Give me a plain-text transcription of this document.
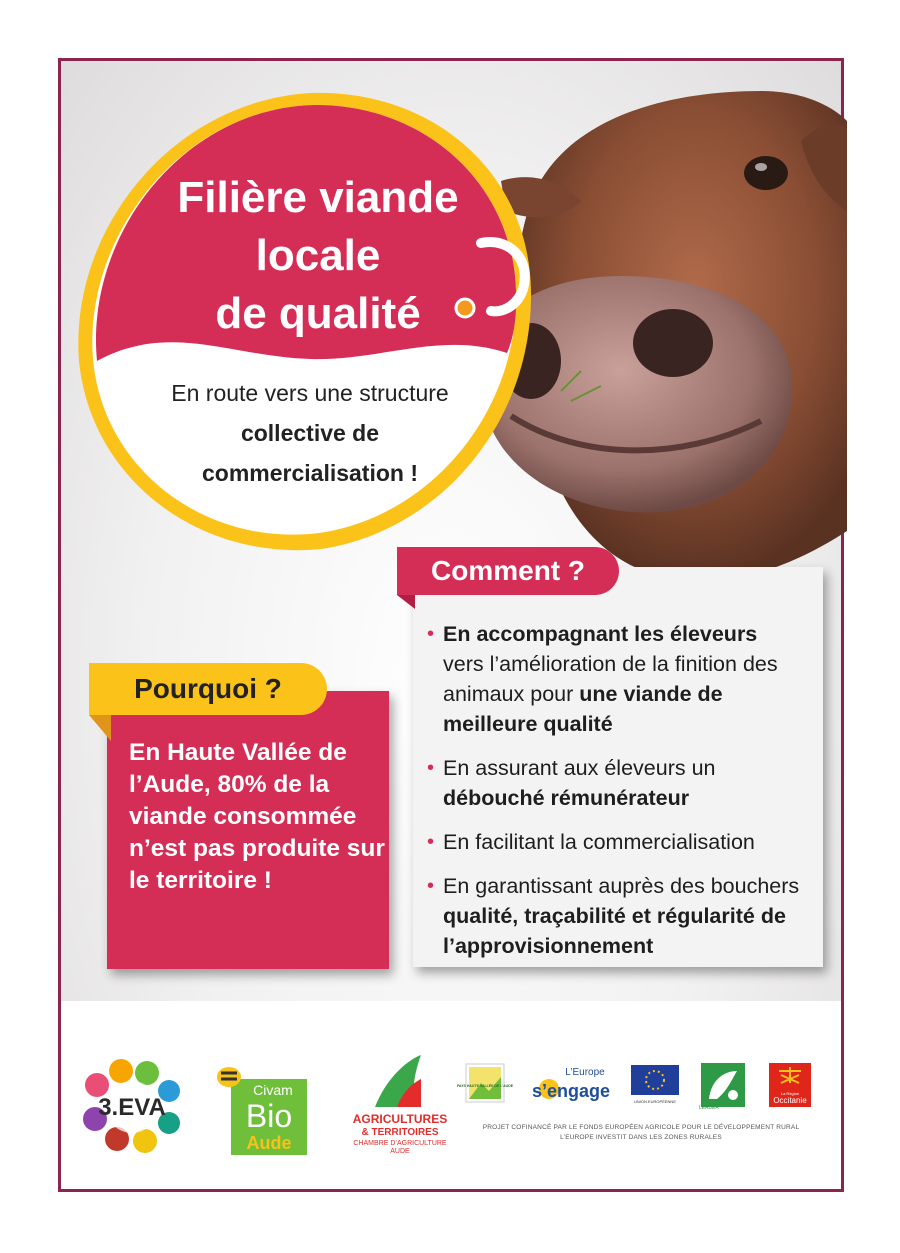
Filière viande
locale
de qualité

En route vers une structure
collective de
commercialisation !

• En accompagnant les éleveurs
vers l’amélioration de la finition des animaux pour une viande de meilleure qualité
• En assurant aux éleveurs un débouché rémunérateur
• En facilitant la commercialisation
• En garantissant auprès des bouchers qualité, traçabilité et régularité de l’approvisionnement
Comment ?

En Haute Vallée de l’Aude, 80% de la viande consommée n’est pas produite sur le territoire !

Pourquoi ?
3.EVA
Civam
Bio
Aude
AGRICULTURES
& TERRITOIRES
CHAMBRE D’AGRICULTURE
AUDE
PAYS HAUTE VALLÉE DE L’AUDE
L’Europe
s’engage
UNION EUROPÉENNE
LEADER
La Région
Occitanie
PROJET COFINANCÉ PAR LE FONDS EUROPÉEN AGRICOLE POUR LE DÉVELOPPEMENT RURAL
L’EUROPE INVESTIT DANS LES ZONES RURALES
